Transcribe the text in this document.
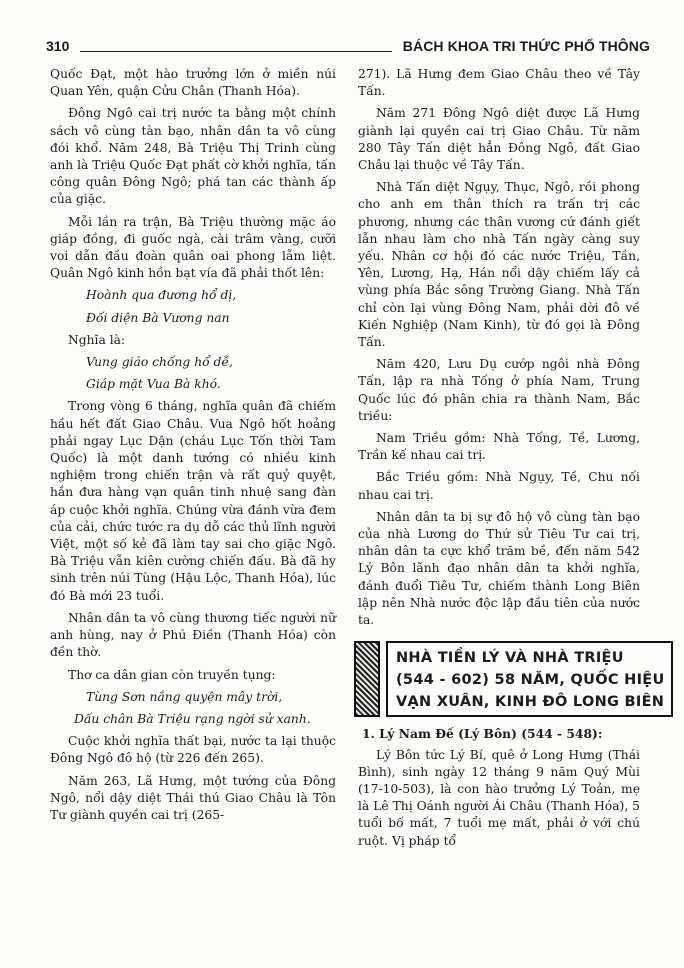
310	BÁCH KHOA TRI THỨC PHỔ THÔNG

Quốc Đạt, một hào trưởng lớn ở miền núi Quan Yên, quận Cửu Chân (Thanh Hóa).

Đông Ngô cai trị nước ta bằng một chính sách vô cùng tàn bạo, nhân dân ta vô cùng đói khổ. Năm 248, Bà Triệu Thị Trinh cùng anh là Triệu Quốc Đạt phất cờ khởi nghĩa, tấn công quân Đông Ngô; phá tan các thành ấp của giặc.

Mỗi lần ra trận, Bà Triệu thường mặc áo giáp đồng, đi guốc ngà, cài trâm vàng, cưỡi voi dẫn đầu đoàn quân oai phong lẫm liệt. Quân Ngô kinh hồn bạt vía đã phải thốt lên:

Hoành qua đương hổ dị,

Đối diện Bà Vương nan

Nghĩa là:

Vung giáo chống hổ dễ,

Giáp mặt Vua Bà khó.

Trong vòng 6 tháng, nghĩa quân đã chiếm hầu hết đất Giao Châu. Vua Ngô hốt hoảng phải ngay Lục Dận (cháu Lục Tốn thời Tam Quốc) là một danh tướng có nhiều kinh nghiệm trong chiến trận và rất quỷ quyệt, hắn đưa hàng vạn quân tinh nhuệ sang đàn áp cuộc khởi nghĩa. Chúng vừa đánh vừa đem của cải, chức tước ra dụ dỗ các thủ lĩnh người Việt, một số kẻ đã làm tay sai cho giặc Ngô. Bà Triệu vẫn kiên cường chiến đấu. Bà đã hy sinh trên núi Tùng (Hậu Lộc, Thanh Hóa), lúc đó Bà mới 23 tuổi.

Nhân dân ta vô cùng thương tiếc người nữ anh hùng, nay ở Phú Điền (Thanh Hóa) còn đền thờ.

Thơ ca dân gian còn truyền tụng:

Tùng Sơn nắng quyện mây trời,

Dấu chân Bà Triệu rạng ngời sử xanh.

Cuộc khởi nghĩa thất bại, nước ta lại thuộc Đông Ngô đô hộ (từ 226 đến 265).

Năm 263, Lã Hưng, một tướng của Đông Ngô, nổi dậy diệt Thái thú Giao Châu là Tôn Tư giành quyền cai trị (265-

271). Lã Hưng đem Giao Châu theo về Tây Tấn.

Năm 271 Đông Ngô diệt được Lã Hưng giành lại quyền cai trị Giao Châu. Từ năm 280 Tây Tấn diệt hẳn Đông Ngô, đất Giao Châu lại thuộc về Tây Tấn.

Nhà Tấn diệt Ngụy, Thục, Ngô, rồi phong cho anh em thân thích ra trấn trị các phương, nhưng các thân vương cứ đánh giết lẫn nhau làm cho nhà Tấn ngày càng suy yếu. Nhân cơ hội đó các nước Triệu, Tần, Yên, Lương, Hạ, Hán nổi dậy chiếm lấy cả vùng phía Bắc sông Trường Giang. Nhà Tấn chỉ còn lại vùng Đông Nam, phải dời đô về Kiến Nghiệp (Nam Kinh), từ đó gọi là Đông Tấn.

Năm 420, Lưu Dụ cướp ngôi nhà Đông Tấn, lập ra nhà Tống ở phía Nam, Trung Quốc lúc đó phân chia ra thành Nam, Bắc triều:

Nam Triều gồm: Nhà Tống, Tề, Lương, Trần kế nhau cai trị.

Bắc Triều gồm: Nhà Ngụy, Tề, Chu nối nhau cai trị.

Nhân dân ta bị sự đô hộ vô cùng tàn bạo của nhà Lương do Thứ sử Tiêu Tư cai trị, nhân dân ta cực khổ trăm bề, đến năm 542 Lý Bôn lãnh đạo nhân dân ta khởi nghĩa, đánh đuổi Tiêu Tư, chiếm thành Long Biên lập nên Nhà nước độc lập đầu tiên của nước ta.

NHÀ TIỀN LÝ VÀ NHÀ TRIỆU
(544 - 602) 58 NĂM, QUỐC HIỆU
VẠN XUÂN, KINH ĐÔ LONG BIÊN

1. Lý Nam Đế (Lý Bôn) (544 - 548):

Lý Bôn tức Lý Bí, quê ở Long Hưng (Thái Bình), sinh ngày 12 tháng 9 năm Quý Mùi (17-10-503), là con hào trưởng Lý Toản, mẹ là Lê Thị Oánh người Ái Châu (Thanh Hóa), 5 tuổi bố mất, 7 tuổi mẹ mất, phải ở với chú ruột. Vị pháp tổ
